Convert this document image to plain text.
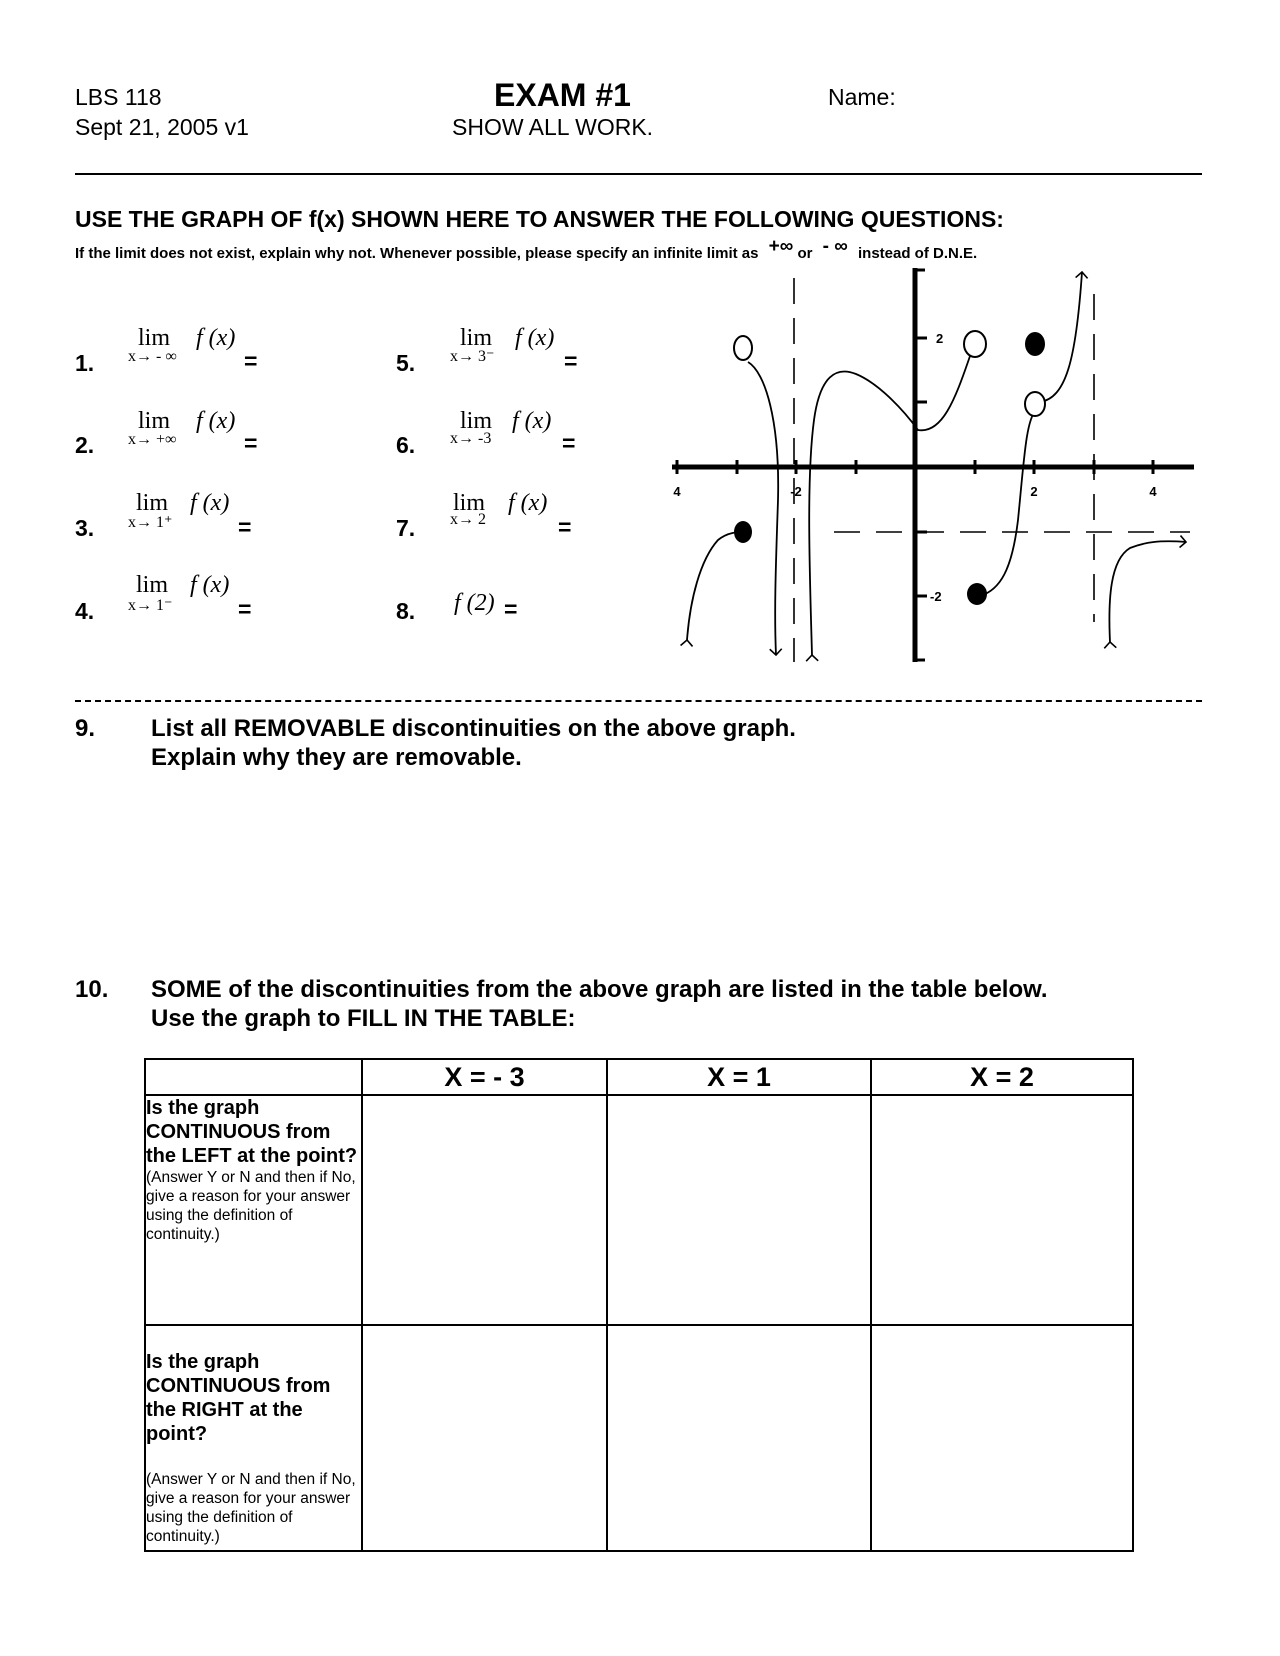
LBS 118
Sept 21, 2005 v1
EXAM #1
SHOW ALL WORK.
Name:
USE THE GRAPH OF f(x) SHOWN HERE TO ANSWER THE FOLLOWING QUESTIONS:
If the limit does not exist, explain why not. Whenever possible, please specify an infinite limit as +∞ or - ∞ instead of D.N.E.
1.
lim
x→ - ∞
f (x)
=
2.
lim
x→ +∞
f (x)
=
3.
lim
x→ 1⁺
f (x)
=
4.
lim
x→ 1⁻
f (x)
=
5.
lim
x→ 3⁻
f (x)
=
6.
lim
x→ -3
f (x)
=
7.
lim
x→ 2
f (x)
=
8. f (2) =
4	-2	2	4
2
-2
9. List all REMOVABLE discontinuities on the above graph.
Explain why they are removable.
10. SOME of the discontinuities from the above graph are listed in the table below.
Use the graph to FILL IN THE TABLE:
	X = - 3	X = 1	X = 2

Is the graph CONTINUOUS from the LEFT at the point?
(Answer Y or N and then if No, give a reason for your answer using the definition of continuity.)			

Is the graph CONTINUOUS from the RIGHT at the point?
(Answer Y or N and then if No, give a reason for your answer using the definition of continuity.)			
